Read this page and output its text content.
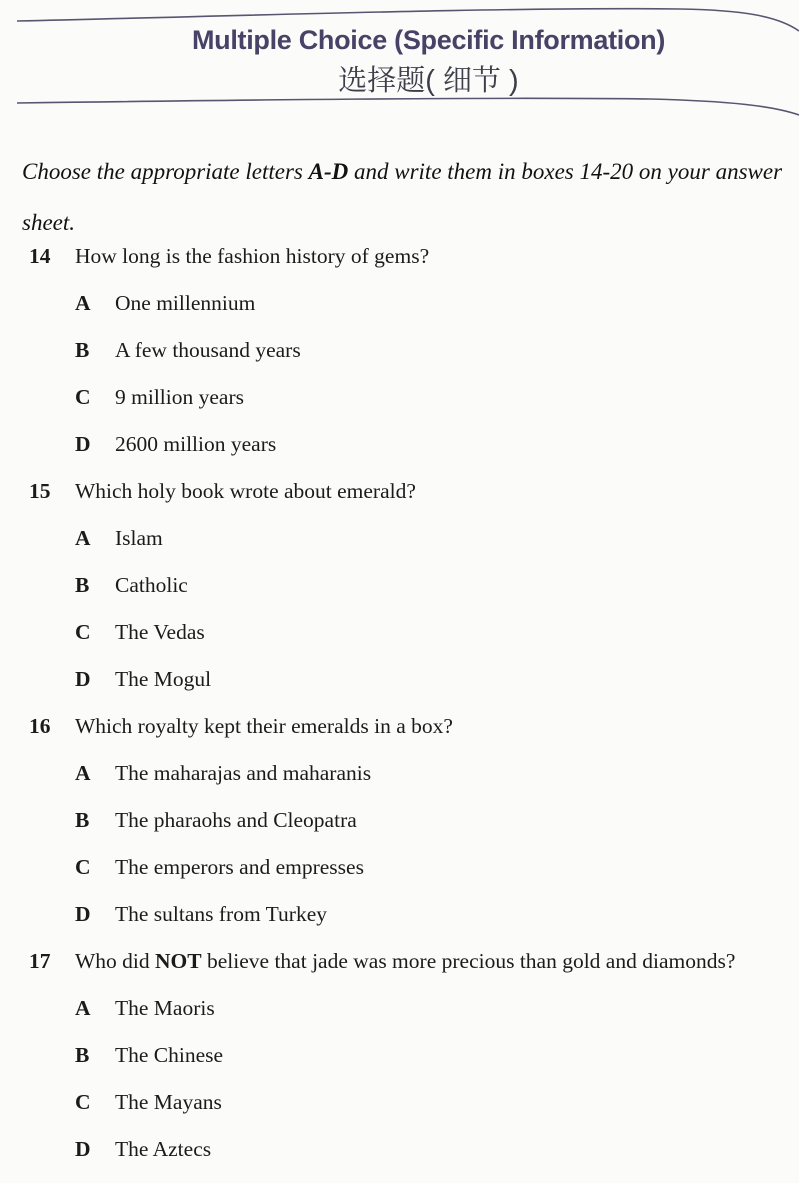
Multiple Choice (Specific Information)
选择题( 细节 )

Choose the appropriate letters A-D and write them in boxes 14-20 on your answer sheet.

14	How long is the fashion history of gems?
A	One millennium
B	A few thousand years
C	9 million years
D	2600 million years
15	Which holy book wrote about emerald?
A	Islam
B	Catholic
C	The Vedas
D	The Mogul
16	Which royalty kept their emeralds in a box?
A	The maharajas and maharanis
B	The pharaohs and Cleopatra
C	The emperors and empresses
D	The sultans from Turkey
17	Who did NOT believe that jade was more precious than gold and diamonds?
A	The Maoris
B	The Chinese
C	The Mayans
D	The Aztecs
